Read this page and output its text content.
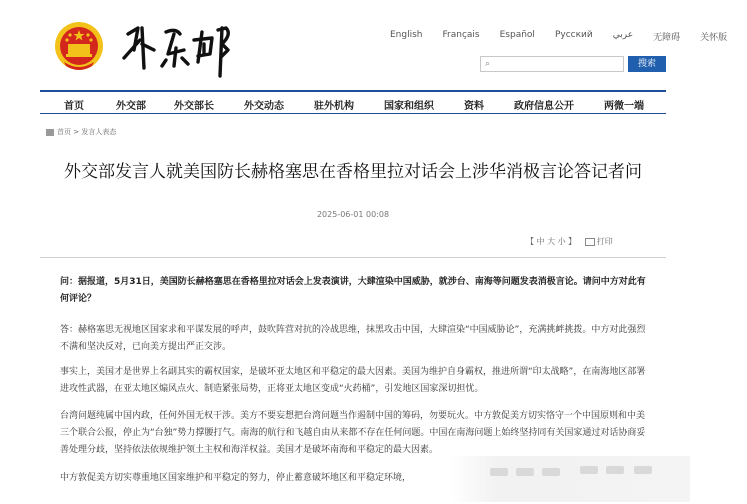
English Français Español Русский عربي 无障碍 关怀版
⌕	搜索
首页	外交部	外交部长	外交动态	驻外机构	国家和组织	资料	政府信息公开	两微一端
首页 > 发言人表态
外交部发言人就美国防长赫格塞思在香格里拉对话会上涉华消极言论答记者问
2025-06-01 00:08
【 中 大 小 】	打印
问：据报道，5月31日，美国防长赫格塞思在香格里拉对话会上发表演讲，大肆渲染中国威胁，就涉台、南海等问题发表消极言论。请问中方对此有何评论？
答：赫格塞思无视地区国家求和平谋发展的呼声，鼓吹阵营对抗的冷战思维，抹黑攻击中国，大肆渲染“中国威胁论”，充满挑衅挑拨。中方对此强烈不满和坚决反对，已向美方提出严正交涉。
事实上，美国才是世界上名副其实的霸权国家，是破坏亚太地区和平稳定的最大因素。美国为维护自身霸权，推进所谓“印太战略”，在南海地区部署进攻性武器，在亚太地区煽风点火、制造紧张局势，正将亚太地区变成“火药桶”，引发地区国家深切担忧。
台湾问题纯属中国内政，任何外国无权干涉。美方不要妄想把台湾问题当作遏制中国的筹码，勿要玩火。中方敦促美方切实恪守一个中国原则和中美三个联合公报，停止为“台独”势力撑腰打气。南海的航行和飞越自由从来都不存在任何问题。中国在南海问题上始终坚持同有关国家通过对话协商妥善处理分歧，坚持依法依规维护领土主权和海洋权益。美国才是破坏南海和平稳定的最大因素。
中方敦促美方切实尊重地区国家维护和平稳定的努力，停止蓄意破坏地区和平稳定环境，
